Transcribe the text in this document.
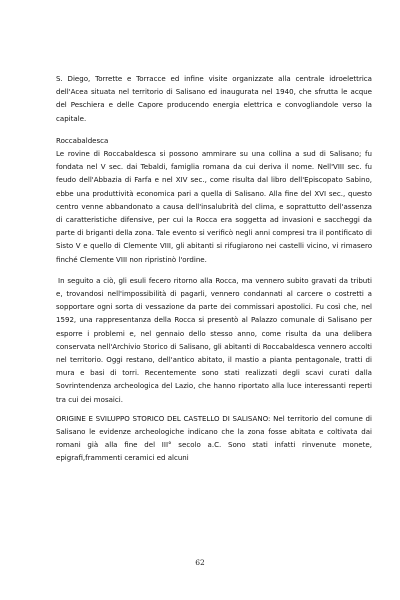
S. Diego, Torrette e Torracce ed infine visite organizzate alla centrale idroelettrica dell'Acea situata nel territorio di Salisano ed inaugurata nel 1940, che sfrutta le acque del Peschiera e delle Capore producendo energia elettrica e convogliandole verso la capitale.

Roccabaldesca

Le rovine di Roccabaldesca si possono ammirare su una collina a sud di Salisano; fu fondata nel V sec. dai Tebaldi, famiglia romana da cui deriva il nome. Nell'VIII sec. fu feudo dell'Abbazia di Farfa e nel XIV sec., come risulta dal libro dell'Episcopato Sabino, ebbe una produttività economica pari a quella di Salisano. Alla fine del XVI sec., questo centro venne abbandonato a causa dell'insalubrità del clima, e soprattutto dell'assenza di caratteristiche difensive, per cui la Rocca era soggetta ad invasioni e saccheggi da parte di briganti della zona. Tale evento si verificò negli anni compresi tra il pontificato di Sisto V e quello di Clemente VIII, gli abitanti si rifugiarono nei castelli vicino, vi rimasero finché Clemente VIII non ripristinò l'ordine.

In seguito a ciò, gli esuli fecero ritorno alla Rocca, ma vennero subito gravati da tributi e, trovandosi nell'impossibilità di pagarli, vennero condannati al carcere o costretti a sopportare ogni sorta di vessazione da parte dei commissari apostolici. Fu così che, nel 1592, una rappresentanza della Rocca si presentò al Palazzo comunale di Salisano per esporre i problemi e, nel gennaio dello stesso anno, come risulta da una delibera conservata nell'Archivio Storico di Salisano, gli abitanti di Roccabaldesca vennero accolti nel territorio. Oggi restano, dell'antico abitato, il mastio a pianta pentagonale, tratti di mura e basi di torri. Recentemente sono stati realizzati degli scavi curati dalla Sovrintendenza archeologica del Lazio, che hanno riportato alla luce interessanti reperti tra cui dei mosaici.

ORIGINE E SVILUPPO STORICO DEL CASTELLO DI SALISANO: Nel territorio del comune di Salisano le evidenze archeologiche indicano che la zona fosse abitata e coltivata dai romani già alla fine del III° secolo a.C. Sono stati infatti rinvenute monete, epigrafi,frammenti ceramici ed alcuni

62
